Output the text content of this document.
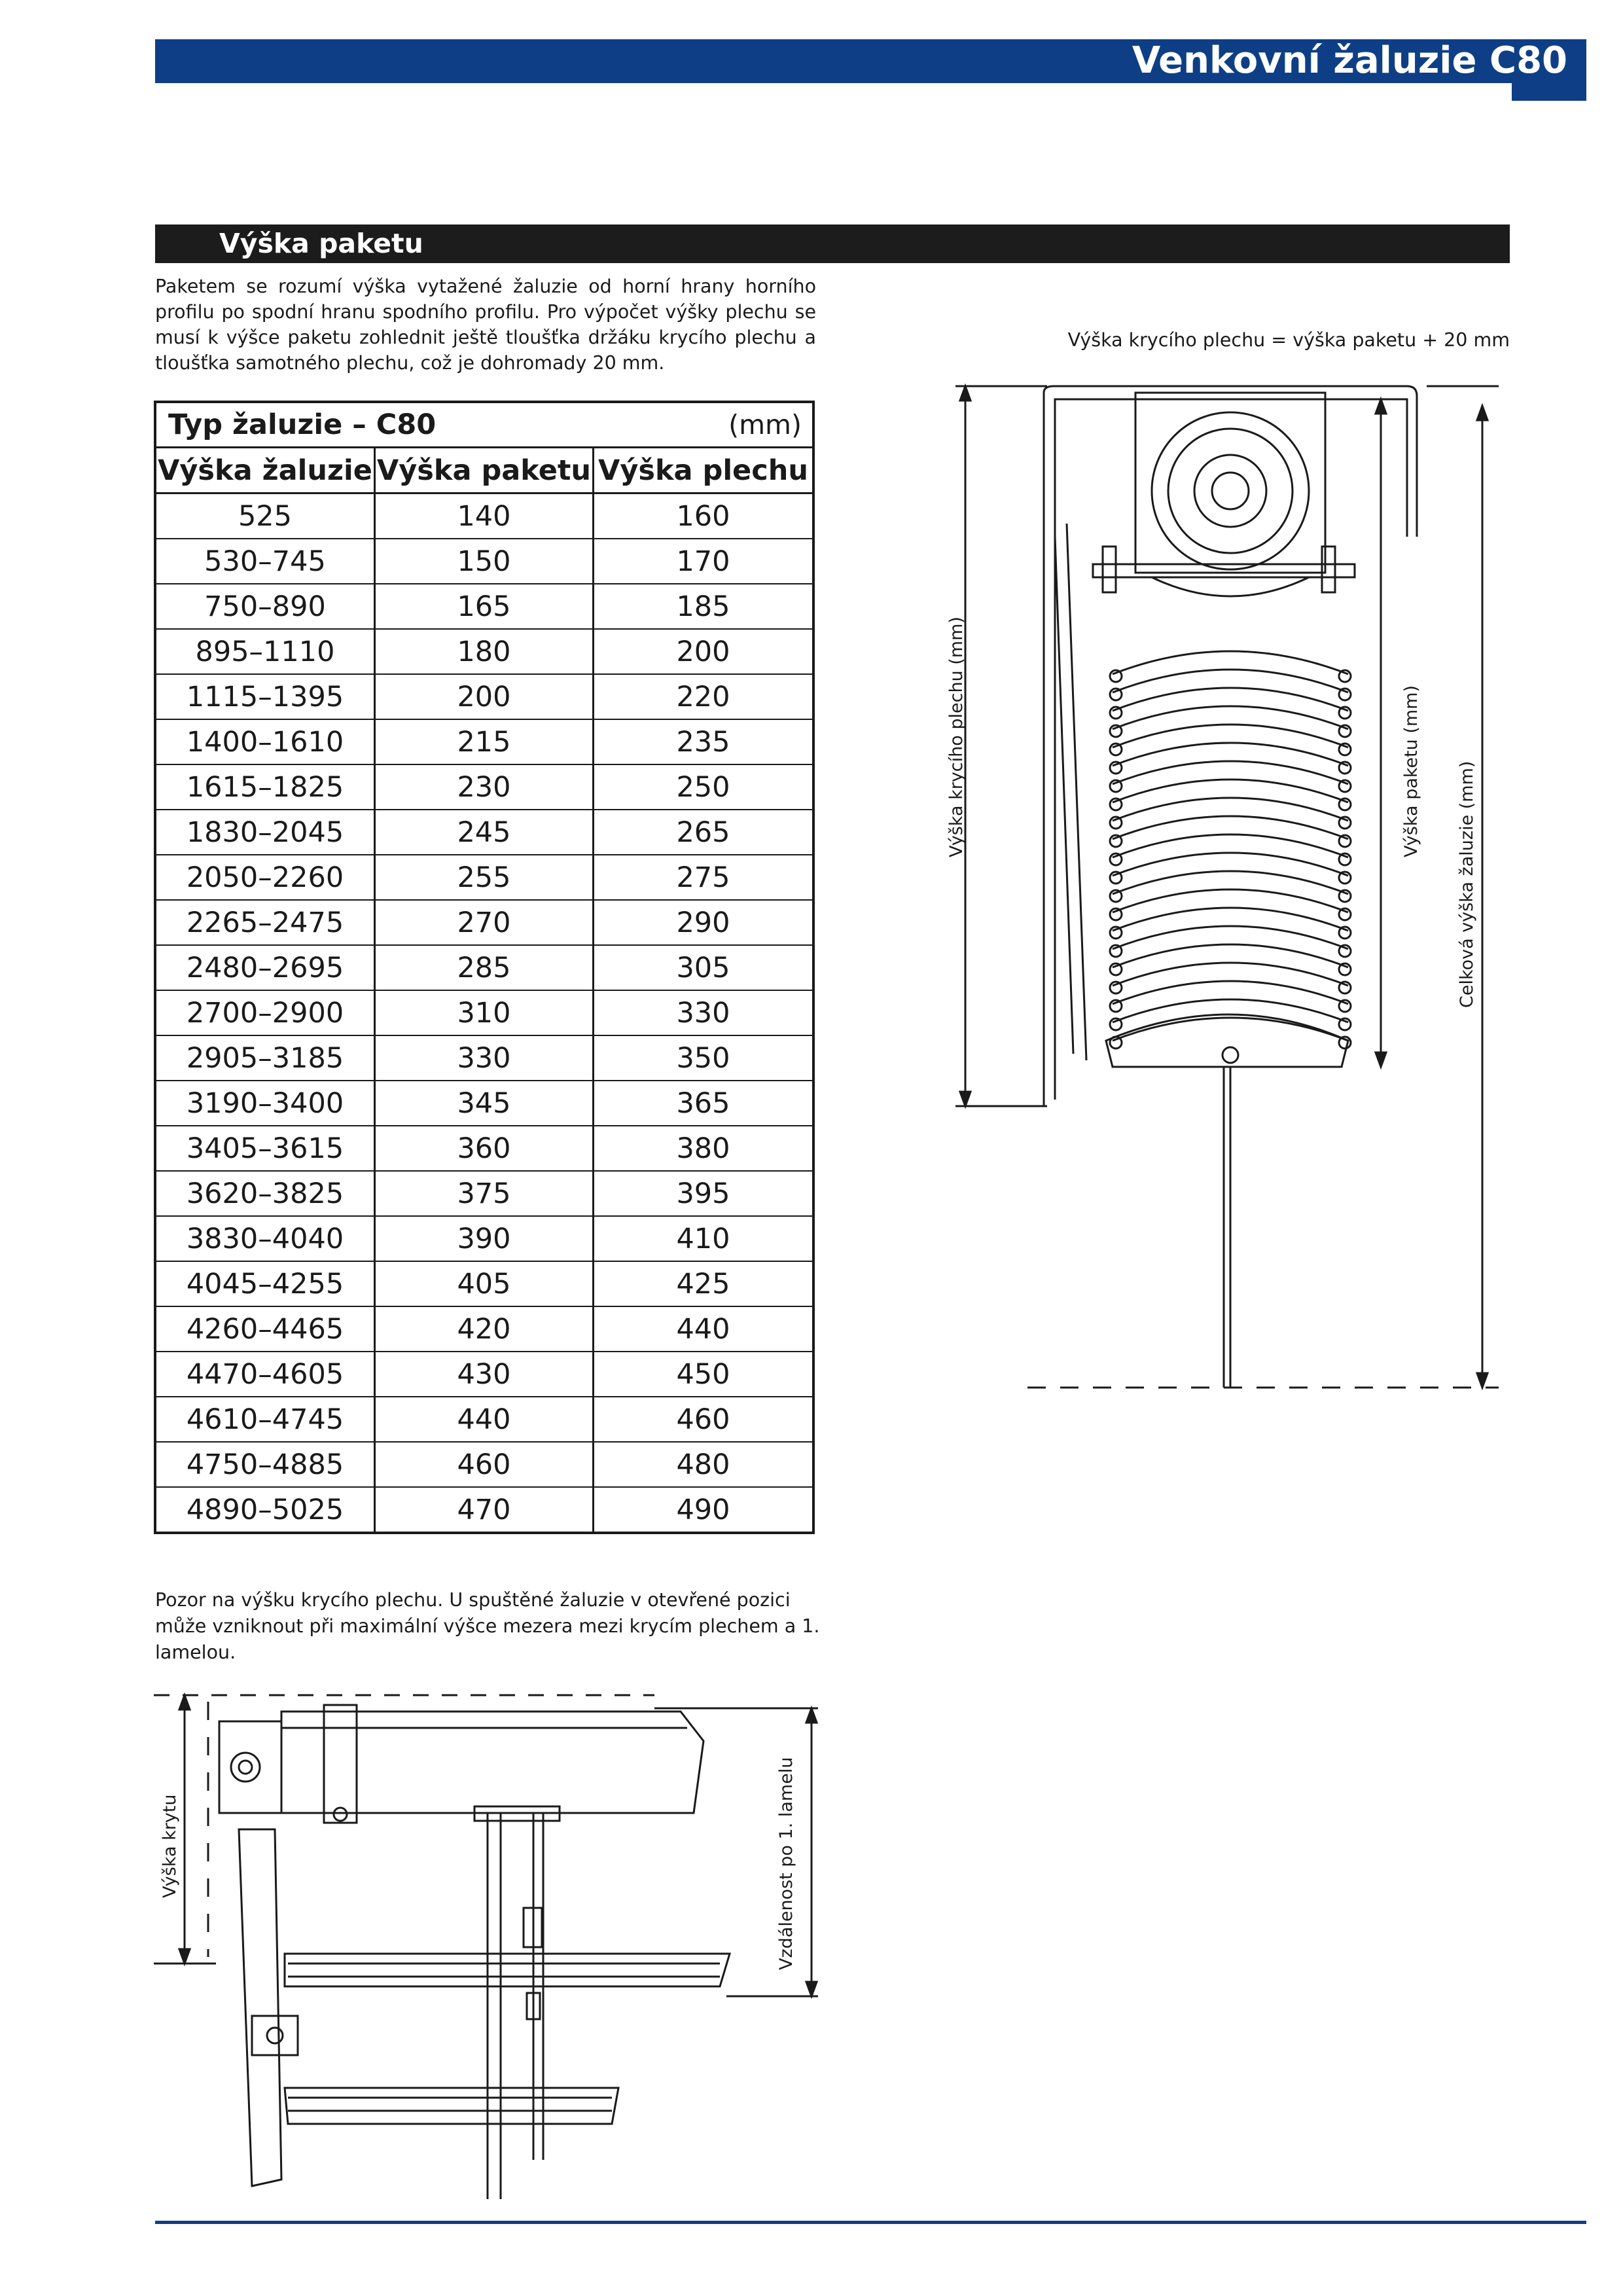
Venkovní žaluzie C80
Výška paketu

Paketem se rozumí výška vytažené žaluzie od horní hrany horního profilu po spodní hranu spodního profilu. Pro výpočet výšky plechu se musí k výšce paketu zohlednit ještě tloušťka držáku krycího plechu a tloušťka samotného plechu, což je dohromady 20 mm.

Výška krycího plechu = výška paketu + 20 mm
Typ žaluzie – C80		(mm)
Výška žaluzie	Výška paketu	Výška plechu
525	140	160
530–745	150	170
750–890	165	185
895–1110	180	200
1115–1395	200	220
1400–1610	215	235
1615–1825	230	250
1830–2045	245	265
2050–2260	255	275
2265–2475	270	290
2480–2695	285	305
2700–2900	310	330
2905–3185	330	350
3190–3400	345	365
3405–3615	360	380
3620–3825	375	395
3830–4040	390	410
4045–4255	405	425
4260–4465	420	440
4470–4605	430	450
4610–4745	440	460
4750–4885	460	480
4890–5025	470	490

Pozor na výšku krycího plechu. U spuštěné žaluzie v otevřené pozici může vzniknout při maximální výšce mezera mezi krycím plechem a 1. lamelou.

Výška krycího plechu (mm)	Výška paketu (mm) Celková výška žaluzie (mm)
Výška krytu	Vzdálenost po 1. lamelu
